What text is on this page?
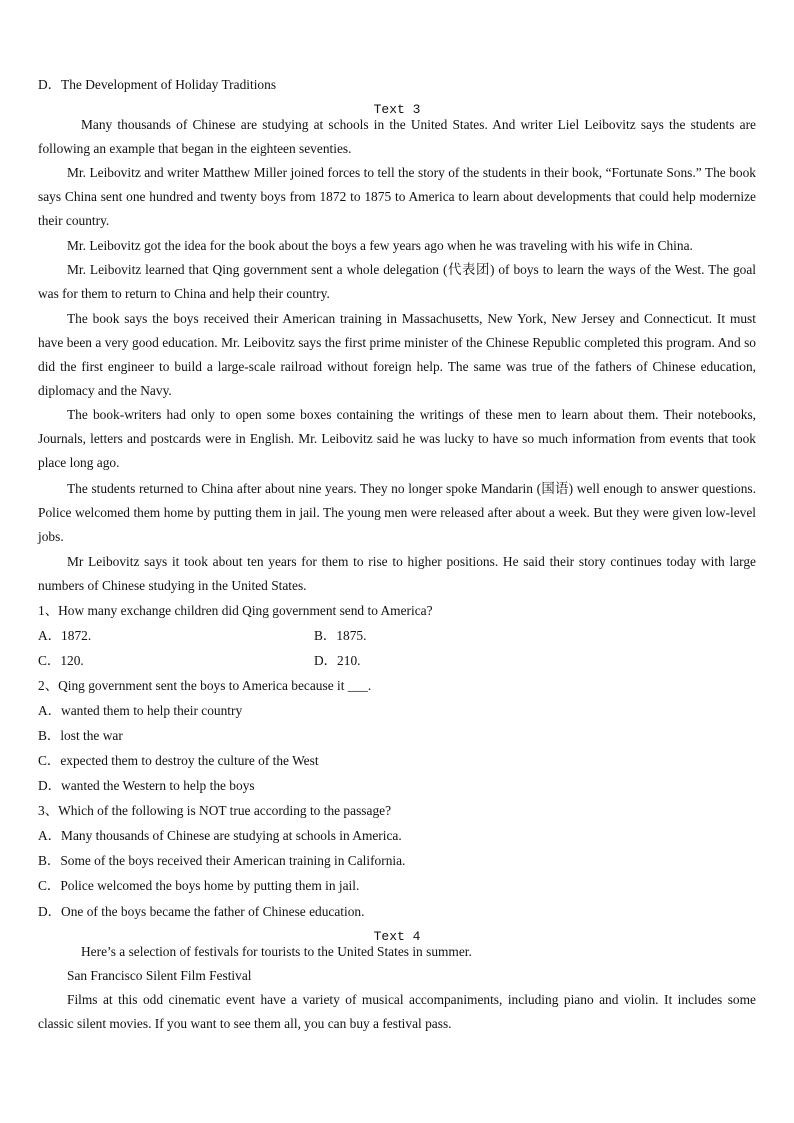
D．The Development of Holiday Traditions
Text 3
Many thousands of Chinese are studying at schools in the United States. And writer Liel Leibovitz says the students are following an example that began in the eighteen seventies.
Mr. Leibovitz and writer Matthew Miller joined forces to tell the story of the students in their book, “Fortunate Sons.” The book says China sent one hundred and twenty boys from 1872 to 1875 to America to learn about developments that could help modernize their country.
Mr. Leibovitz got the idea for the book about the boys a few years ago when he was traveling with his wife in China.
Mr. Leibovitz learned that Qing government sent a whole delegation (代表团) of boys to learn the ways of the West. The goal was for them to return to China and help their country.
The book says the boys received their American training in Massachusetts, New York, New Jersey and Connecticut. It must have been a very good education. Mr. Leibovitz says the first prime minister of the Chinese Republic completed this program. And so did the first engineer to build a large-scale railroad without foreign help. The same was true of the fathers of Chinese education, diplomacy and the Navy.
The book-writers had only to open some boxes containing the writings of these men to learn about them. Their notebooks, Journals, letters and postcards were in English. Mr. Leibovitz said he was lucky to have so much information from events that took place long ago.
The students returned to China after about nine years. They no longer spoke Mandarin (国语) well enough to answer questions. Police welcomed them home by putting them in jail. The young men were released after about a week. But they were given low-level jobs.
Mr Leibovitz says it took about ten years for them to rise to higher positions. He said their story continues today with large numbers of Chinese studying in the United States.
1、How many exchange children did Qing government send to America?
A．1872.	B．1875.
C．120.	D．210.
2、Qing government sent the boys to America because it ___.
A．wanted them to help their country
B．lost the war
C．expected them to destroy the culture of the West
D．wanted the Western to help the boys
3、Which of the following is NOT true according to the passage?
A．Many thousands of Chinese are studying at schools in America.
B．Some of the boys received their American training in California.
C．Police welcomed the boys home by putting them in jail.
D．One of the boys became the father of Chinese education.
Text 4
Here’s a selection of festivals for tourists to the United States in summer.
San Francisco Silent Film Festival
Films at this odd cinematic event have a variety of musical accompaniments, including piano and violin. It includes some classic silent movies. If you want to see them all, you can buy a festival pass.
